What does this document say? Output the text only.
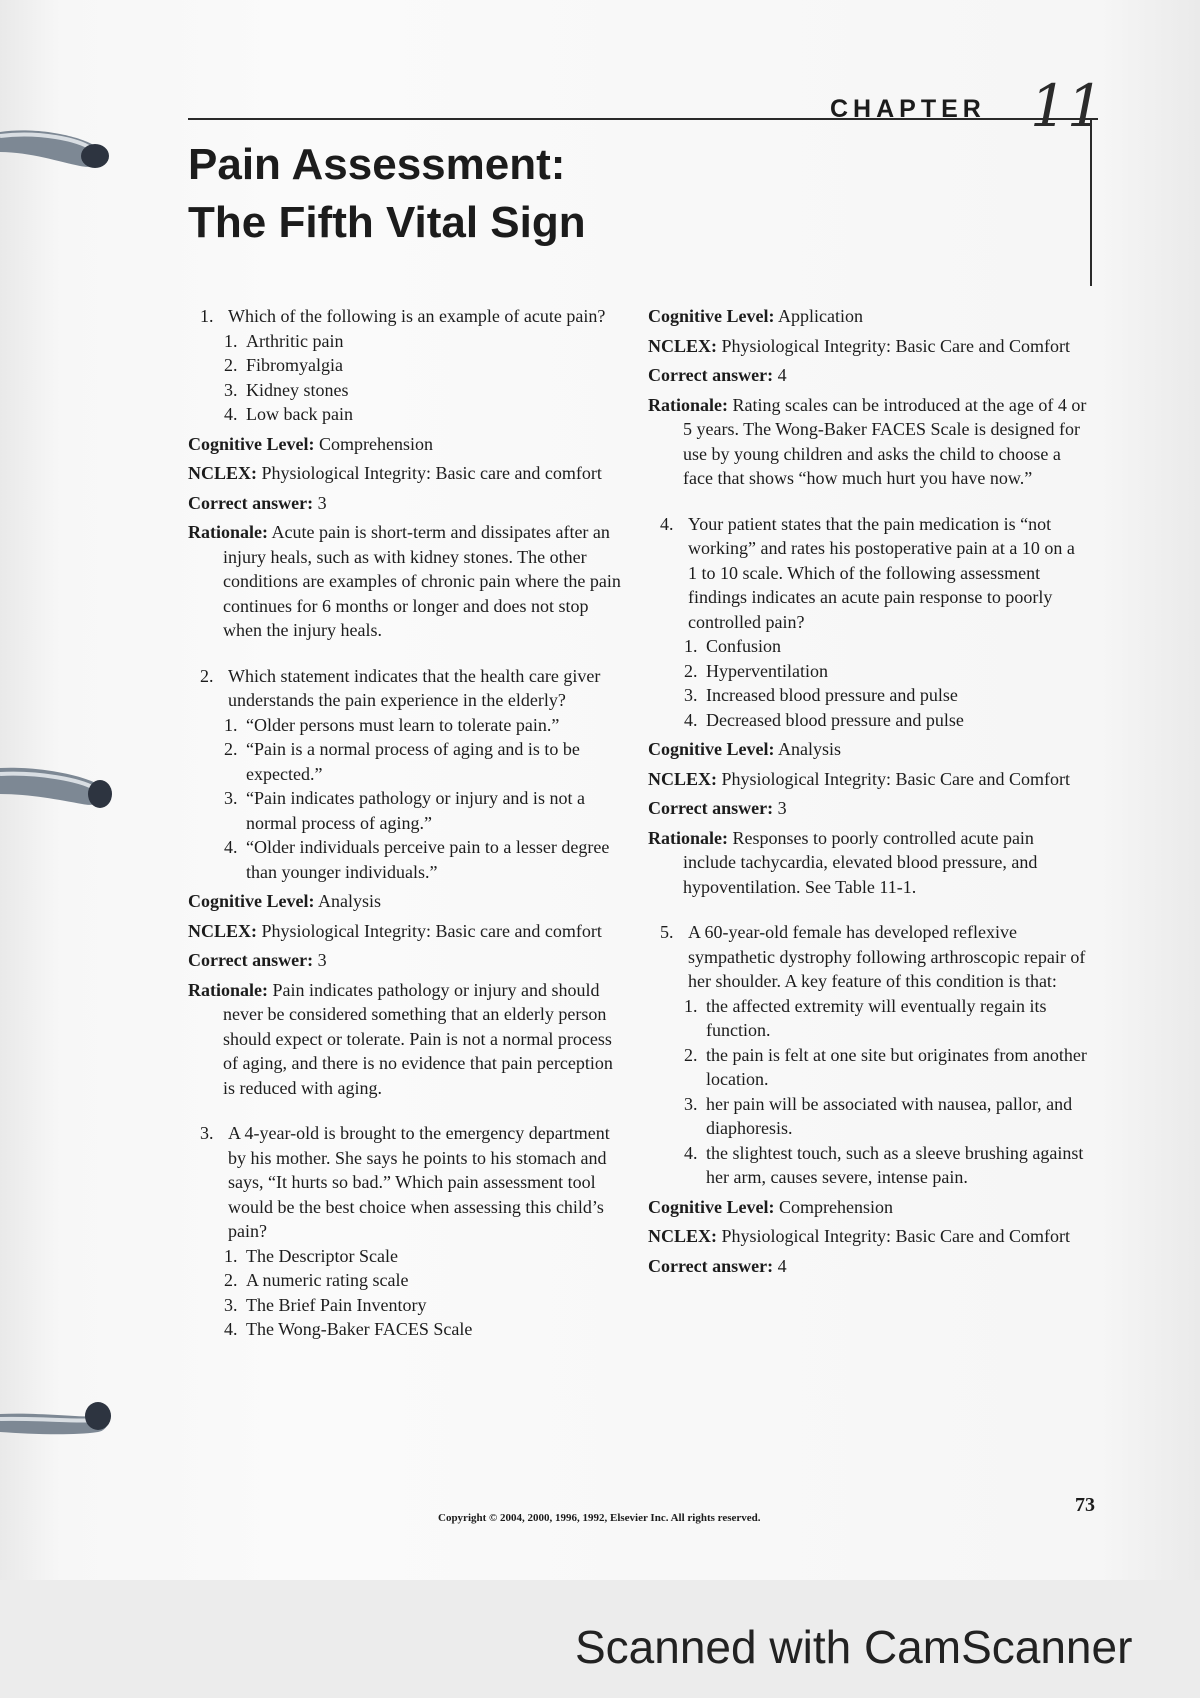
CHAPTER 11
Pain Assessment:
The Fifth Vital Sign
1. Which of the following is an example of acute pain?
1. Arthritic pain
2. Fibromyalgia
3. Kidney stones
4. Low back pain

Cognitive Level: Comprehension

NCLEX: Physiological Integrity: Basic care and comfort

Correct answer: 3

Rationale: Acute pain is short-term and dissipates after an injury heals, such as with kidney stones. The other conditions are examples of chronic pain where the pain continues for 6 months or longer and does not stop when the injury heals.

2. Which statement indicates that the health care giver understands the pain experience in the elderly?
1. “Older persons must learn to tolerate pain.”
2. “Pain is a normal process of aging and is to be expected.”
3. “Pain indicates pathology or injury and is not a normal process of aging.”
4. “Older individuals perceive pain to a lesser degree than younger individuals.”

Cognitive Level: Analysis

NCLEX: Physiological Integrity: Basic care and comfort

Correct answer: 3

Rationale: Pain indicates pathology or injury and should never be considered something that an elderly person should expect or tolerate. Pain is not a normal process of aging, and there is no evidence that pain perception is reduced with aging.

3. A 4-year-old is brought to the emergency department by his mother. She says he points to his stomach and says, “It hurts so bad.” Which pain assessment tool would be the best choice when assessing this child’s pain?
1. The Descriptor Scale
2. A numeric rating scale
3. The Brief Pain Inventory
4. The Wong-Baker FACES Scale

Cognitive Level: Application

NCLEX: Physiological Integrity: Basic Care and Comfort

Correct answer: 4

Rationale: Rating scales can be introduced at the age of 4 or 5 years. The Wong-Baker FACES Scale is designed for use by young children and asks the child to choose a face that shows “how much hurt you have now.”

4. Your patient states that the pain medication is “not working” and rates his postoperative pain at a 10 on a 1 to 10 scale. Which of the following assessment findings indicates an acute pain response to poorly controlled pain?
1. Confusion
2. Hyperventilation
3. Increased blood pressure and pulse
4. Decreased blood pressure and pulse

Cognitive Level: Analysis

NCLEX: Physiological Integrity: Basic Care and Comfort

Correct answer: 3

Rationale: Responses to poorly controlled acute pain include tachycardia, elevated blood pressure, and hypoventilation. See Table 11-1.

5. A 60-year-old female has developed reflexive sympathetic dystrophy following arthroscopic repair of her shoulder. A key feature of this condition is that:
1. the affected extremity will eventually regain its function.
2. the pain is felt at one site but originates from another location.
3. her pain will be associated with nausea, pallor, and diaphoresis.
4. the slightest touch, such as a sleeve brushing against her arm, causes severe, intense pain.

Cognitive Level: Comprehension

NCLEX: Physiological Integrity: Basic Care and Comfort

Correct answer: 4

Copyright © 2004, 2000, 1996, 1992, Elsevier Inc. All rights reserved.
73
Scanned with CamScanner
